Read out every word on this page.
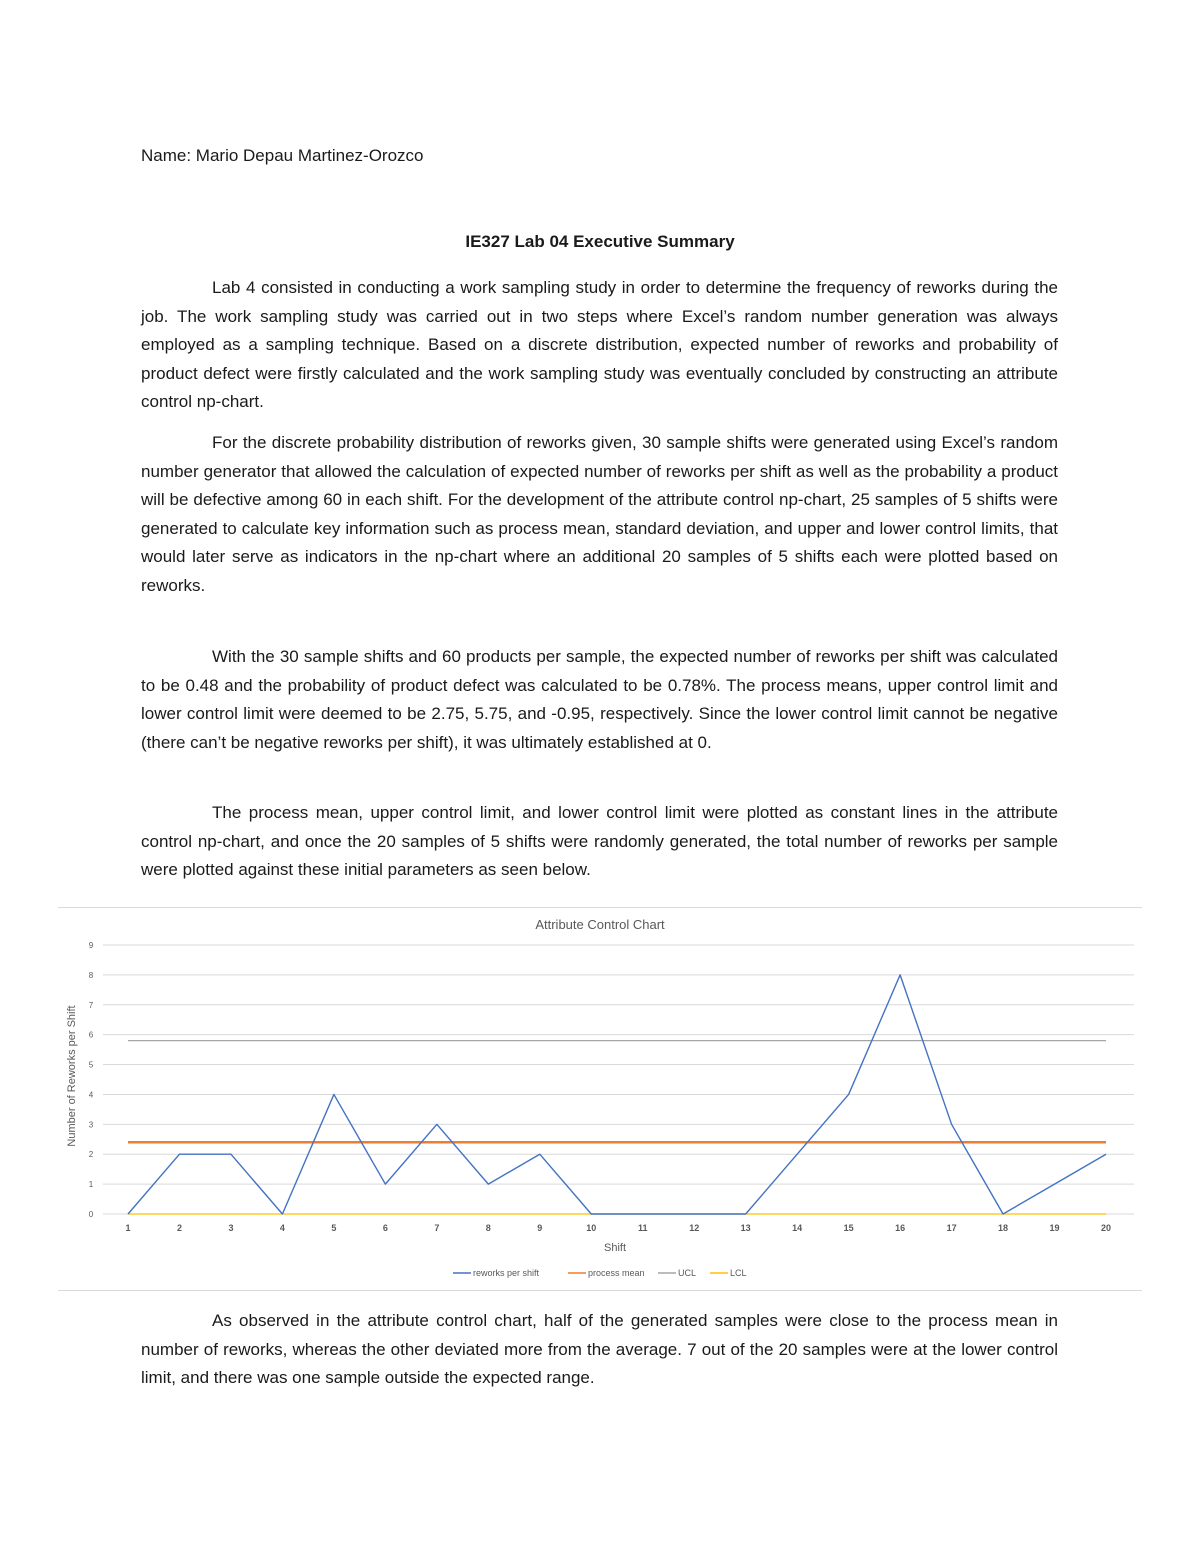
Name: Mario Depau Martinez-Orozco
IE327 Lab 04 Executive Summary

Lab 4 consisted in conducting a work sampling study in order to determine the frequency of reworks during the job. The work sampling study was carried out in two steps where Excel’s random number generation was always employed as a sampling technique. Based on a discrete distribution, expected number of reworks and probability of product defect were firstly calculated and the work sampling study was eventually concluded by constructing an attribute control np-chart.

For the discrete probability distribution of reworks given, 30 sample shifts were generated using Excel’s random number generator that allowed the calculation of expected number of reworks per shift as well as the probability a product will be defective among 60 in each shift. For the development of the attribute control np-chart, 25 samples of 5 shifts were generated to calculate key information such as process mean, standard deviation, and upper and lower control limits, that would later serve as indicators in the np-chart where an additional 20 samples of 5 shifts each were plotted based on reworks.

With the 30 sample shifts and 60 products per sample, the expected number of reworks per shift was calculated to be 0.48 and the probability of product defect was calculated to be 0.78%. The process means, upper control limit and lower control limit were deemed to be 2.75, 5.75, and -0.95, respectively. Since the lower control limit cannot be negative (there can’t be negative reworks per shift), it was ultimately established at 0.

The process mean, upper control limit, and lower control limit were plotted as constant lines in the attribute control np-chart, and once the 20 samples of 5 shifts were randomly generated, the total number of reworks per sample were plotted against these initial parameters as seen below.

Attribute Control Chart
0
1
2
3
4
5
6
7
8
9
1	2	3	4	5	6	7	8	9	10	11	12	13	14	15	16	17	18	19	20
Shift
Number of Reworks per Shift
reworks per shift	process mean	UCL	LCL

As observed in the attribute control chart, half of the generated samples were close to the process mean in number of reworks, whereas the other deviated more from the average. 7 out of the 20 samples were at the lower control limit, and there was one sample outside the expected range.
